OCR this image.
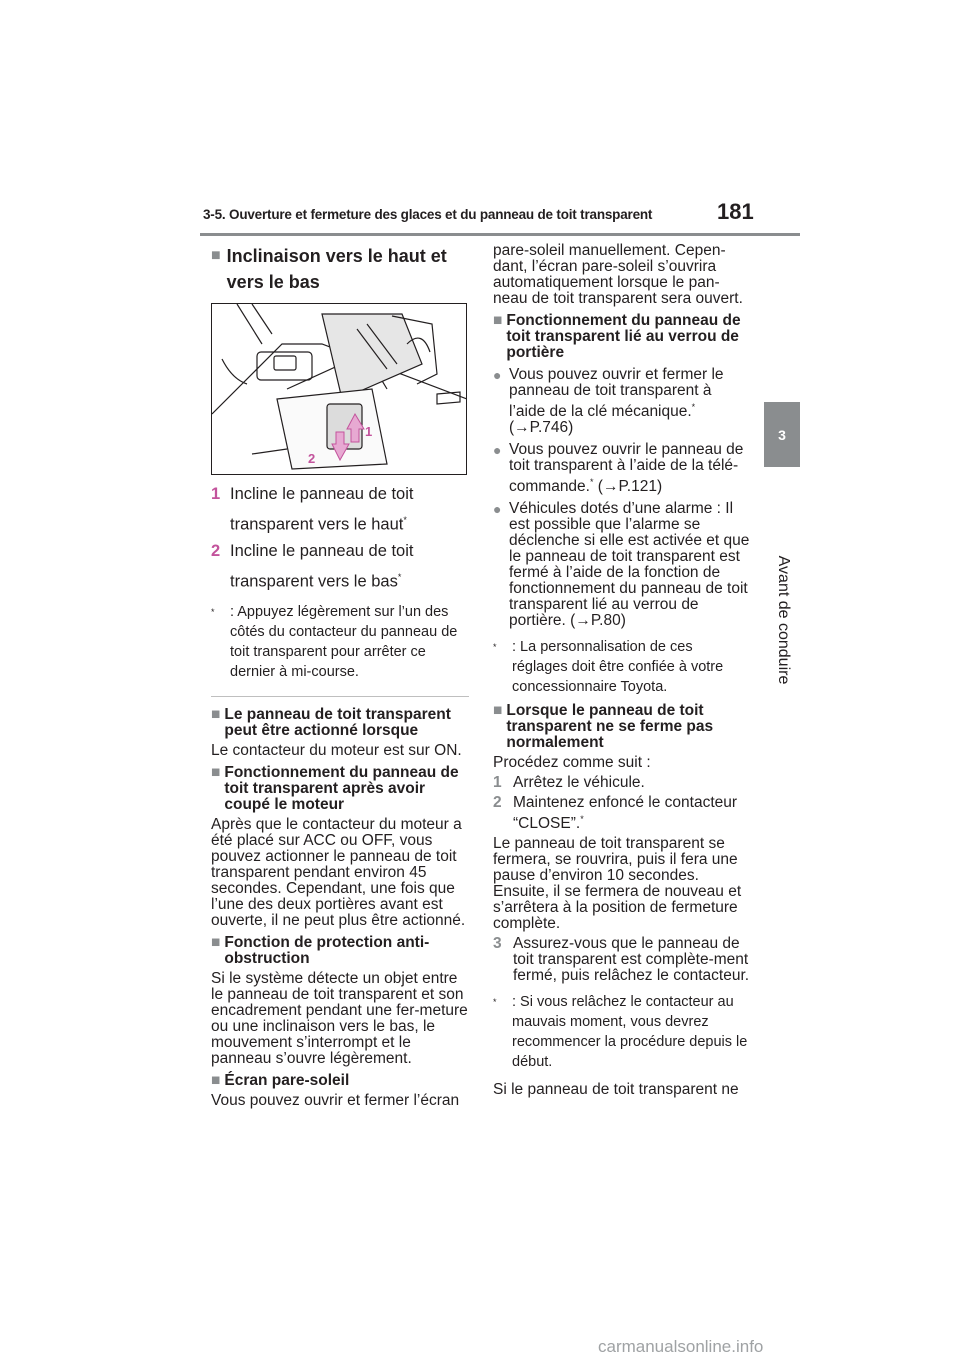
3-5. Ouverture et fermeture des glaces et du panneau de toit transparent	181
3
Avant de conduire
■ Inclinaison vers le haut et vers le bas
1
2
1 Incline le panneau de toit transparent vers le haut*
2 Incline le panneau de toit transparent vers le bas*
*	: Appuyez légèrement sur l’un des côtés du contacteur du panneau de toit transparent pour arrêter ce dernier à mi-course.
■ Le panneau de toit transparent peut être actionné lorsque

Le contacteur du moteur est sur ON.

■ Fonctionnement du panneau de toit transparent après avoir coupé le moteur

Après que le contacteur du moteur a été placé sur ACC ou OFF, vous pouvez actionner le panneau de toit transparent pendant environ 45 secondes. Cependant, une fois que l’une des deux portières avant est ouverte, il ne peut plus être actionné.

■ Fonction de protection anti-obstruction

Si le système détecte un objet entre le panneau de toit transparent et son encadrement pendant une fer-meture ou une inclinaison vers le bas, le mouvement s’interrompt et le panneau s’ouvre légèrement.

■ Écran pare-soleil

Vous pouvez ouvrir et fermer l’écran

pare-soleil manuellement. Cepen-dant, l’écran pare-soleil s’ouvrira automatiquement lorsque le pan-neau de toit transparent sera ouvert.

■ Fonctionnement du panneau de toit transparent lié au verrou de portière
● Vous pouvez ouvrir et fermer le panneau de toit transparent à l’aide de la clé mécanique.*
(→P.746)
● Vous pouvez ouvrir le panneau de toit transparent à l’aide de la télé-commande.* (→P.121)
● Véhicules dotés d’une alarme : Il est possible que l’alarme se déclenche si elle est activée et que le panneau de toit transparent est fermé à l’aide de la fonction de fonctionnement du panneau de toit transparent lié au verrou de portière. (→P.80)
*	: La personnalisation de ces réglages doit être confiée à votre concessionnaire Toyota.
■ Lorsque le panneau de toit transparent ne se ferme pas normalement

Procédez comme suit :

1 Arrêtez le véhicule.
2 Maintenez enfoncé le contacteur “CLOSE”.*

Le panneau de toit transparent se fermera, se rouvrira, puis il fera une pause d’environ 10 secondes. Ensuite, il se fermera de nouveau et s’arrêtera à la position de fermeture complète.

3 Assurez-vous que le panneau de toit transparent est complète-ment fermé, puis relâchez le contacteur.
*	: Si vous relâchez le contacteur au mauvais moment, vous devrez recommencer la procédure depuis le début.

Si le panneau de toit transparent ne

carmanualsonline.info
